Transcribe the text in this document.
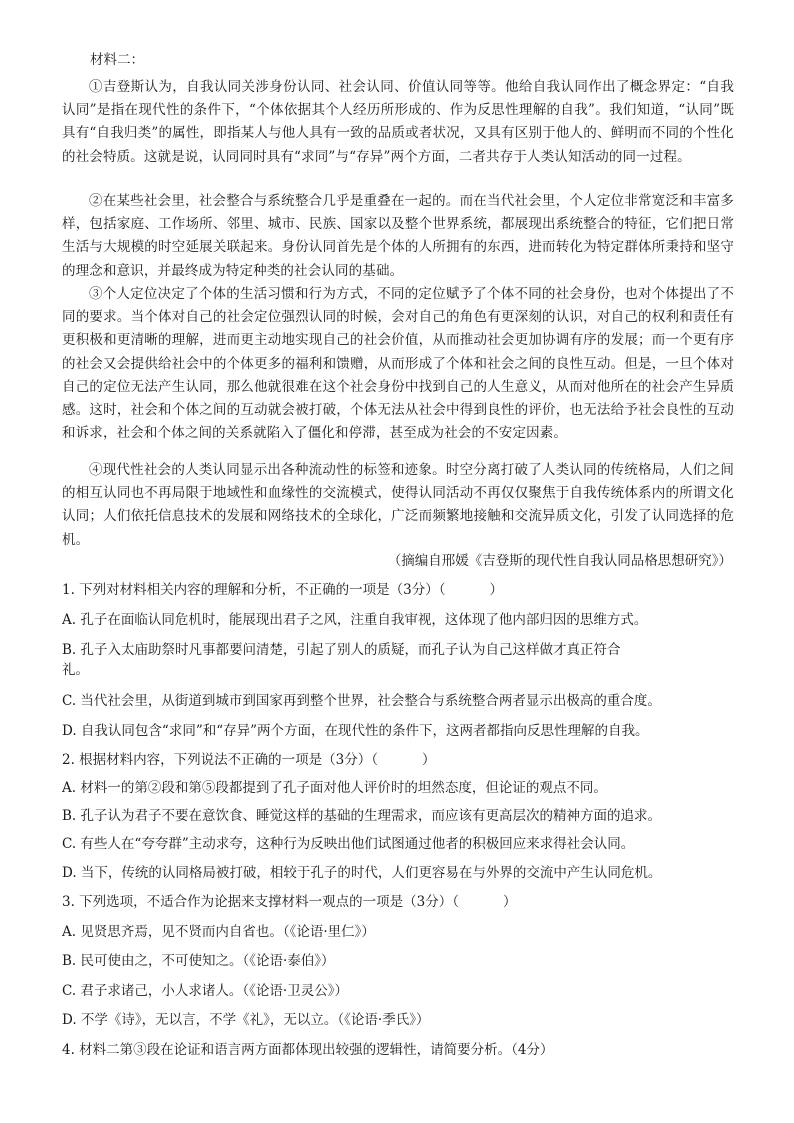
材料二：
①吉登斯认为，自我认同关涉身份认同、社会认同、价值认同等等。他给自我认同作出了概念界定：“自我认同”是指在现代性的条件下，“个体依据其个人经历所形成的、作为反思性理解的自我”。我们知道，“认同”既具有“自我归类”的属性，即指某人与他人具有一致的品质或者状况，又具有区别于他人的、鲜明而不同的个性化的社会特质。这就是说，认同同时具有“求同”与“存异”两个方面，二者共存于人类认知活动的同一过程。
②在某些社会里，社会整合与系统整合几乎是重叠在一起的。而在当代社会里，个人定位非常宽泛和丰富多样，包括家庭、工作场所、邻里、城市、民族、国家以及整个世界系统，都展现出系统整合的特征，它们把日常生活与大规模的时空延展关联起来。身份认同首先是个体的人所拥有的东西，进而转化为特定群体所秉持和坚守的理念和意识，并最终成为特定种类的社会认同的基础。
③个人定位决定了个体的生活习惯和行为方式，不同的定位赋予了个体不同的社会身份，也对个体提出了不同的要求。当个体对自己的社会定位强烈认同的时候，会对自己的角色有更深刻的认识，对自己的权利和责任有更积极和更清晰的理解，进而更主动地实现自己的社会价值，从而推动社会更加协调有序的发展；而一个更有序的社会又会提供给社会中的个体更多的福利和馈赠，从而形成了个体和社会之间的良性互动。但是，一旦个体对自己的定位无法产生认同，那么他就很难在这个社会身份中找到自己的人生意义，从而对他所在的社会产生异质感。这时，社会和个体之间的互动就会被打破，个体无法从社会中得到良性的评价，也无法给予社会良性的互动和诉求，社会和个体之间的关系就陷入了僵化和停滞，甚至成为社会的不安定因素。
④现代性社会的人类认同显示出各种流动性的标签和迹象。时空分离打破了人类认同的传统格局，人们之间的相互认同也不再局限于地域性和血缘性的交流模式，使得认同活动不再仅仅聚焦于自我传统体系内的所谓文化认同；人们依托信息技术的发展和网络技术的全球化，广泛而频繁地接触和交流异质文化，引发了认同选择的危机。
（摘编自邢媛《吉登斯的现代性自我认同品格思想研究》）
1. 下列对材料相关内容的理解和分析，不正确的一项是（3分）（	）
A. 孔子在面临认同危机时，能展现出君子之风，注重自我审视，这体现了他内部归因的思维方式。
B. 孔子入太庙助祭时凡事都要问清楚，引起了别人的质疑，而孔子认为自己这样做才真正符合
礼。
C. 当代社会里，从街道到城市到国家再到整个世界，社会整合与系统整合两者显示出极高的重合度。
D. 自我认同包含“求同”和“存异”两个方面，在现代性的条件下，这两者都指向反思性理解的自我。
2. 根据材料内容，下列说法不正确的一项是（3分）（	）
A. 材料一的第②段和第⑤段都提到了孔子面对他人评价时的坦然态度，但论证的观点不同。
B. 孔子认为君子不要在意饮食、睡觉这样的基础的生理需求，而应该有更高层次的精神方面的追求。
C. 有些人在“夸夸群”主动求夸，这种行为反映出他们试图通过他者的积极回应来求得社会认同。
D. 当下，传统的认同格局被打破，相较于孔子的时代，人们更容易在与外界的交流中产生认同危机。
3. 下列选项，不适合作为论据来支撑材料一观点的一项是（3分）（	）
A. 见贤思齐焉，见不贤而内自省也。（《论语·里仁》）
B. 民可使由之，不可使知之。（《论语·泰伯》）
C. 君子求诸己，小人求诸人。（《论语·卫灵公》）
D. 不学《诗》，无以言，不学《礼》，无以立。（《论语·季氏》）
4. 材料二第③段在论证和语言两方面都体现出较强的逻辑性，请简要分析。（4分）
